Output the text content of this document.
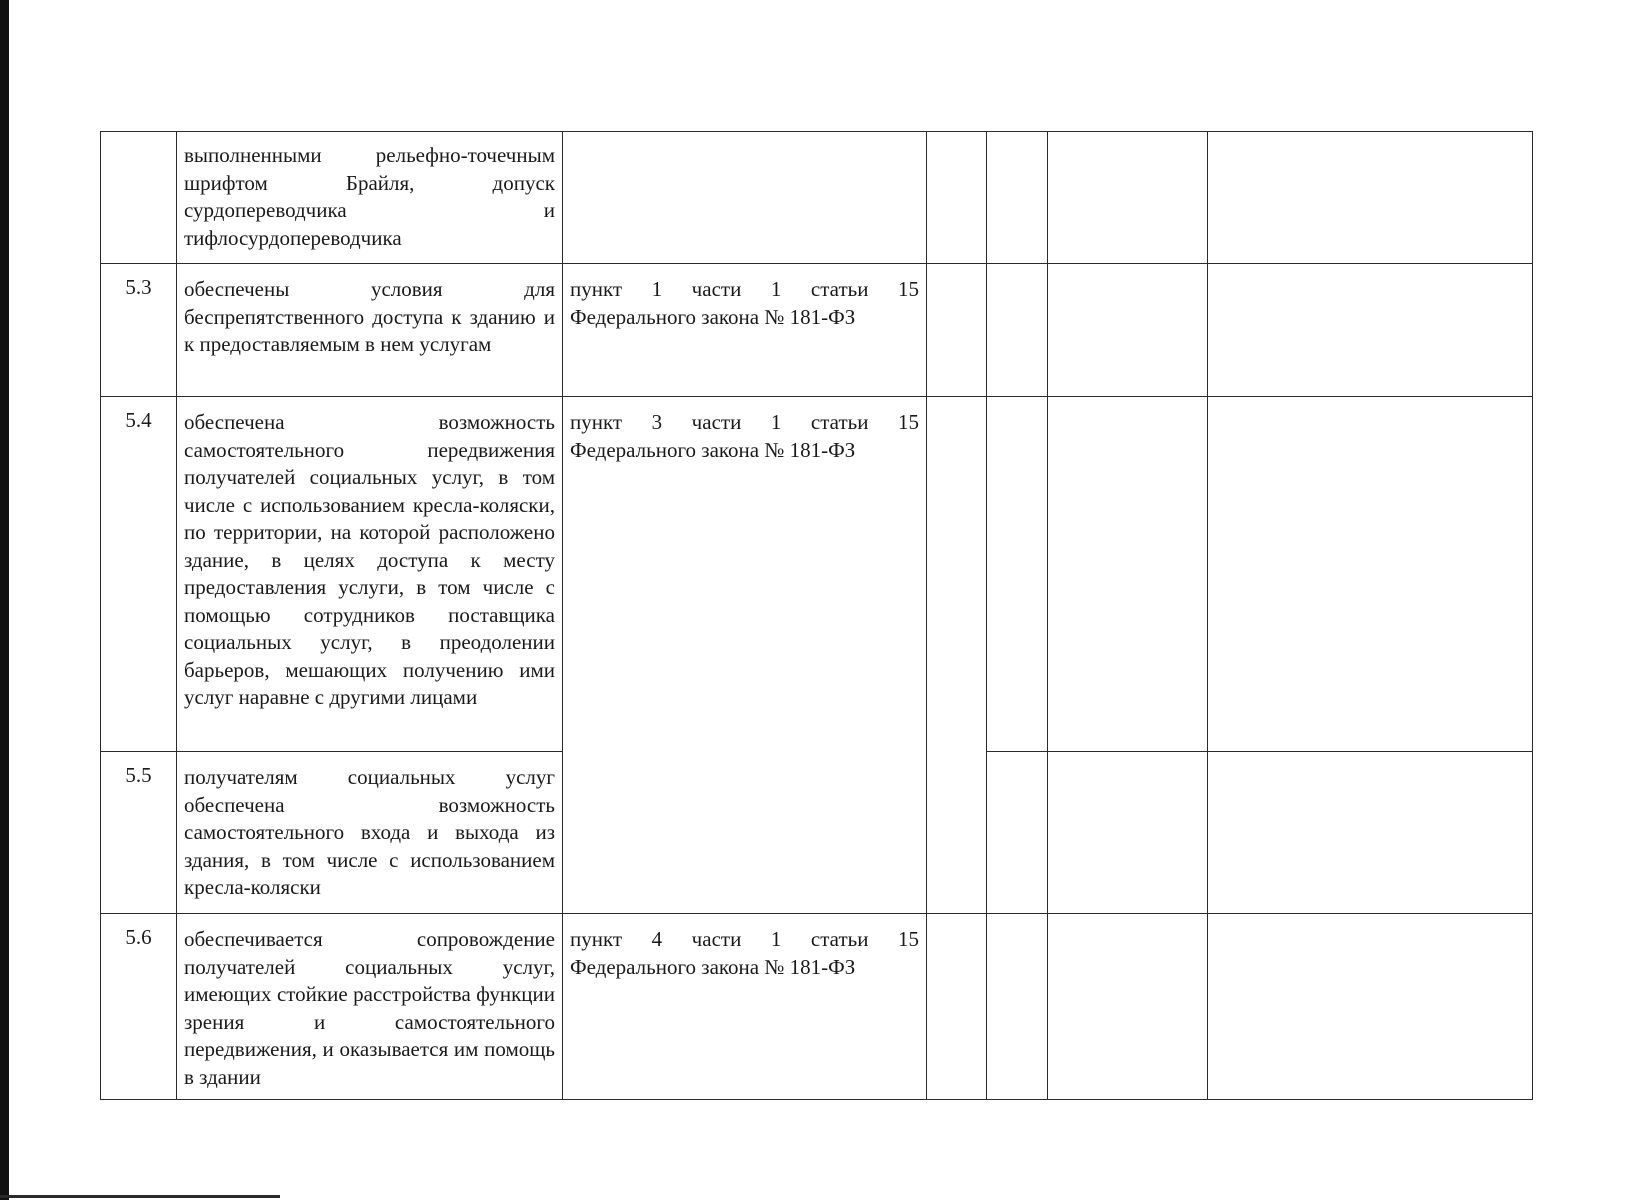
	выполненными рельефно-точечным шрифтом Брайля, допуск сурдопереводчика и тифлосурдопереводчика					
5.3	обеспечены условия для беспрепятственного доступа к зданию и к предоставляемым в нем услугам	пункт 1 части 1 статьи 15 Федерального закона № 181-ФЗ				
5.4	обеспечена возможность самостоятельного передвижения получателей социальных услуг, в том числе с использованием кресла-коляски, по территории, на которой расположено здание, в целях доступа к месту предоставления услуги, в том числе с помощью сотрудников поставщика социальных услуг, в преодолении барьеров, мешающих получению ими услуг наравне с другими лицами	пункт 3 части 1 статьи 15 Федерального закона № 181-ФЗ				
5.5	получателям социальных услуг обеспечена возможность самостоятельного входа и выхода из здания, в том числе с использованием кресла-коляски					
5.6	обеспечивается сопровождение получателей социальных услуг, имеющих стойкие расстройства функции зрения и самостоятельного передвижения, и оказывается им помощь в здании	пункт 4 части 1 статьи 15 Федерального закона № 181-ФЗ				
